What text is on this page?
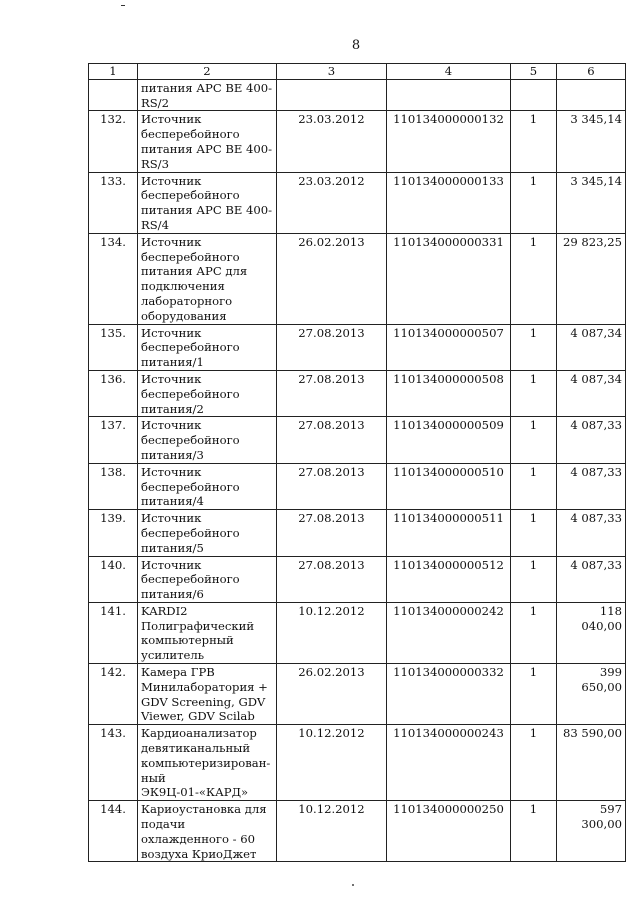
8
1	2	3	4	5	6
	питания АРС ВЕ 400-RS/2				
132.	Источник бесперебойного питания АРС ВЕ 400-RS/3	23.03.2012	110134000000132	1	3 345,14
133.	Источник бесперебойного питания АРС ВЕ 400-RS/4	23.03.2012	110134000000133	1	3 345,14
134.	Источник бесперебойного питания АРС для подключения лабораторного оборудования	26.02.2013	110134000000331	1	29 823,25
135.	Источник бесперебойного питания/1	27.08.2013	110134000000507	1	4 087,34
136.	Источник бесперебойного питания/2	27.08.2013	110134000000508	1	4 087,34
137.	Источник бесперебойного питания/3	27.08.2013	110134000000509	1	4 087,33
138.	Источник бесперебойного питания/4	27.08.2013	110134000000510	1	4 087,33
139.	Источник бесперебойного питания/5	27.08.2013	110134000000511	1	4 087,33
140.	Источник бесперебойного питания/6	27.08.2013	110134000000512	1	4 087,33
141.	KARDI2 Полиграфический компьютерный усилитель	10.12.2012	110134000000242	1	118 040,00
142.	Камера ГРВ Минилаборатория + GDV Screening, GDV Viewer, GDV Scilab	26.02.2013	110134000000332	1	399 650,00
143.	Кардиоанализатор девятиканальный компьютеризирован-ный ЭК9Ц-01-«КАРД»	10.12.2012	110134000000243	1	83 590,00
144.	Кариоустановка для подачи охлажденного - 60 воздуха КриоДжет	10.12.2012	110134000000250	1	597 300,00
